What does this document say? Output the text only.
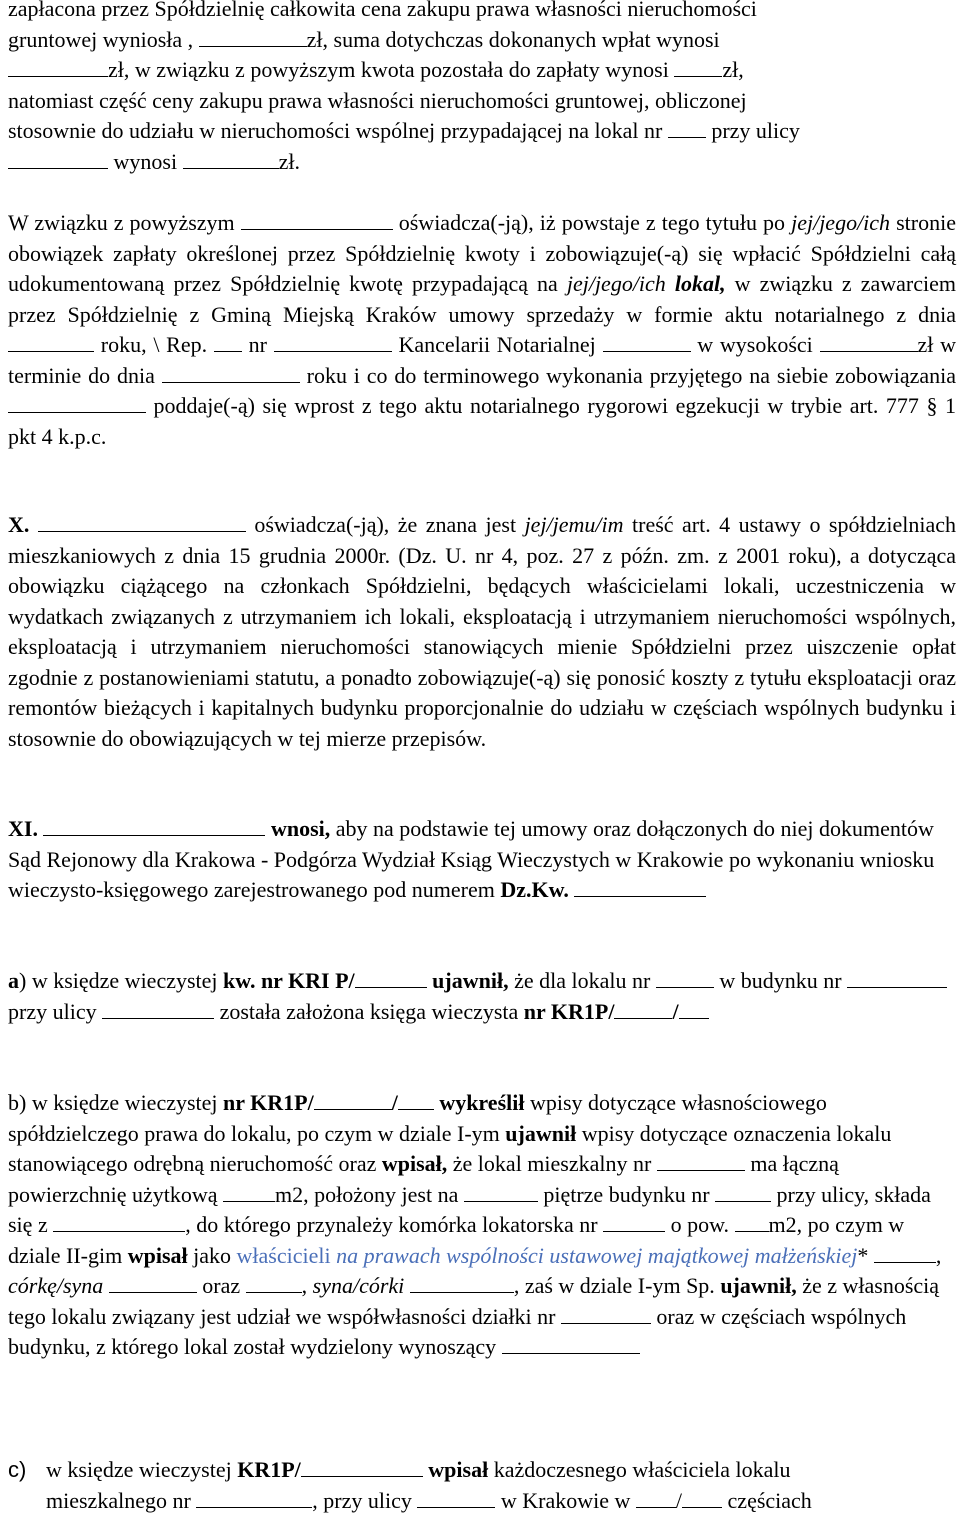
zapłacona przez Spółdzielnię całkowita cena zakupu prawa własności nieruchomości
gruntowej wyniosła ,	zł, suma dotychczas dokonanych wpłat wynosi
zł, w związku z powyższym kwota pozostała do zapłaty wynosi zł,
natomiast część ceny zakupu prawa własności nieruchomości gruntowej, obliczonej
stosownie do udziału w nieruchomości wspólnej przypadającej na lokal nr przy ulicy
wynosi	zł.

W związku z powyższym	oświadcza(-ją), iż powstaje z tego tytułu po jej/jego/ich stronie obowiązek zapłaty określonej przez Spółdzielnię kwoty i zobowiązuje(-ą) się wpłacić Spółdzielni całą udokumentowaną przez Spółdzielnię kwotę przypadającą na jej/jego/ich lokal, w związku z zawarciem przez Spółdzielnię z Gminą Miejską Kraków umowy sprzedaży w formie aktu notarialnego z dnia  roku, \ Rep. nr	Kancelarii Notarialnej	w wysokości	zł w terminie do dnia	roku i co do terminowego wykonania przyjętego na siebie zobowiązania  poddaje(-ą) się wprost z tego aktu notarialnego rygorowi egzekucji w trybie art. 777 § 1 pkt 4 k.p.c.

X.	oświadcza(-ją), że znana jest jej/jemu/im treść art. 4 ustawy o spółdzielniach mieszkaniowych z dnia 15 grudnia 2000r. (Dz. U. nr 4, poz. 27 z późn. zm. z 2001 roku), a dotycząca obowiązku ciążącego na członkach Spółdzielni, będących właścicielami lokali, uczestniczenia w wydatkach związanych z utrzymaniem ich lokali, eksploatacją i utrzymaniem nieruchomości wspólnych, eksploatacją i utrzymaniem nieruchomości stanowiących mienie Spółdzielni przez uiszczenie opłat zgodnie z postanowieniami statutu, a ponadto zobowiązuje(-ą) się ponosić koszty z tytułu eksploatacji oraz remontów bieżących i kapitalnych budynku proporcjonalnie do udziału w częściach wspólnych budynku i stosownie do obowiązujących w tej mierze przepisów.

XI.	wnosi, aby na podstawie tej umowy oraz dołączonych do niej dokumentów Sąd Rejonowy dla Krakowa - Podgórza Wydział Ksiąg Wieczystych w Krakowie po wykonaniu wniosku wieczysto-księgowego zarejestrowanego pod numerem Dz.Kw.

a) w księdze wieczystej kw. nr KRI P/	ujawnił, że dla lokalu nr	w budynku nr przy ulicy	została założona księga wieczysta nr KR1P/	/

b) w księdze wieczystej nr KR1P/	/ wykreślił wpisy dotyczące własnościowego spółdzielczego prawa do lokalu, po czym w dziale I-ym ujawnił wpisy dotyczące oznaczenia lokalu stanowiącego odrębną nieruchomość oraz wpisał, że lokal mieszkalny nr	ma łączną powierzchnię użytkową	m2, położony jest na	piętrze budynku nr	przy ulicy, składa się z	, do którego przynależy komórka lokatorska nr	o pow. m2, po czym w dziale II-gim wpisał jako właścicieli na prawach wspólności ustawowej majątkowej małżeńskiej*	, córkę/syna	oraz	, syna/córki	, zaś w dziale I-ym Sp. ujawnił, że z własnością tego lokalu związany jest udział we współwłasności działki nr	oraz w częściach wspólnych budynku, z którego lokal został wydzielony wynoszący

c) w księdze wieczystej KR1P/	wpisał każdoczesnego właściciela lokalu
mieszkalnego nr	, przy ulicy	w Krakowie w / częściach
